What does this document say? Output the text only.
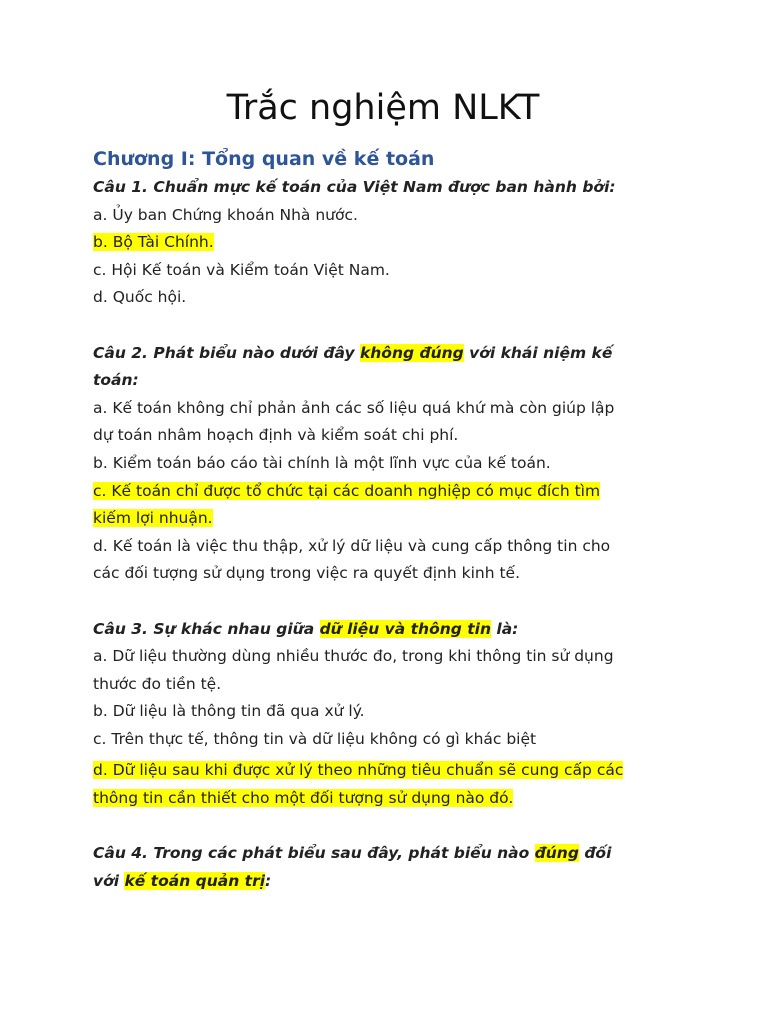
Trắc nghiệm NLKT
Chương I: Tổng quan về kế toán
Câu 1. Chuẩn mực kế toán của Việt Nam được ban hành bởi:
a. Ủy ban Chứng khoán Nhà nước.
b. Bộ Tài Chính.
c. Hội Kế toán và Kiểm toán Việt Nam.
d. Quốc hội.
Câu 2. Phát biểu nào dưới đây không đúng với khái niệm kế
toán:
a. Kế toán không chỉ phản ảnh các số liệu quá khứ mà còn giúp lập
dự toán nhâm hoạch định và kiểm soát chi phí.
b. Kiểm toán báo cáo tài chính là một lĩnh vực của kế toán.
c. Kế toán chỉ được tổ chức tại các doanh nghiệp có mục đích tìm
kiếm lợi nhuận.
d. Kế toán là việc thu thập, xử lý dữ liệu và cung cấp thông tin cho
các đối tượng sử dụng trong việc ra quyết định kinh tế.
Câu 3. Sự khác nhau giữa dữ liệu và thông tin là:
a. Dữ liệu thường dùng nhiều thước đo, trong khi thông tin sử dụng
thước đo tiền tệ.
b. Dữ liệu là thông tin đã qua xử lý.
c. Trên thực tế, thông tin và dữ liệu không có gì khác biệt
d. Dữ liệu sau khi được xử lý theo những tiêu chuẩn sẽ cung cấp các
thông tin cần thiết cho một đối tượng sử dụng nào đó.
Câu 4. Trong các phát biểu sau đây, phát biểu nào đúng đối
với kế toán quản trị:
